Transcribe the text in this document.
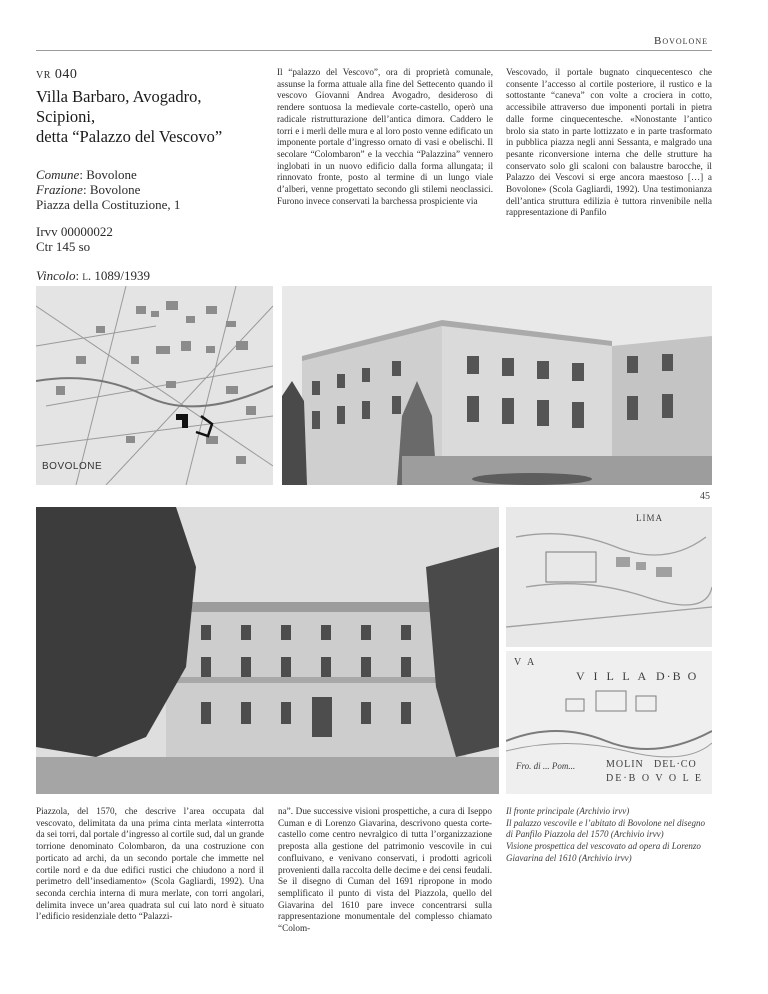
Bovolone
vr 040
Villa Barbaro, Avogadro,
Scipioni,
detta “Palazzo del Vescovo”
Comune: Bovolone
Frazione: Bovolone
Piazza della Costituzione, 1
Irvv 00000022
Ctr 145 so
Vincolo: l. 1089/1939
Il “palazzo del Vescovo”, ora di proprietà comunale, assunse la forma attuale alla fine del Settecento quando il vescovo Giovanni Andrea Avogadro, desideroso di rendere sontuosa la medievale corte-castello, operò una radicale ristrutturazione dell’antica dimora. Caddero le torri e i merli delle mura e al loro posto venne edificato un imponente portale d’ingresso ornato di vasi e obelischi. Il secolare “Colombaron” e la vecchia “Palazzina” vennero inglobati in un nuovo edificio dalla forma allungata; il rinnovato fronte, posto al termine di un lungo viale d’alberi, venne progettato secondo gli stilemi neoclassici. Furono invece conservati la barchessa prospiciente via
Vescovado, il portale bugnato cinquecentesco che consente l’accesso al cortile posteriore, il rustico e la sottostante “caneva” con volte a crociera in cotto, accessibile attraverso due imponenti portali in pietra dalle forme cinquecentesche. «Nonostante l’antico brolo sia stato in parte lottizzato e in parte trasformato in pubblica piazza negli anni Sessanta, e malgrado una pesante riconversione interna che delle strutture ha conservato solo gli scaloni con balaustre barocche, il Palazzo dei Vescovi si erge ancora maestoso […] a Bovolone» (Scola Gagliardi, 1992). Una testimonianza dell’antica struttura edilizia è tuttora rinvenibile nella rappresentazione di Panfilo
BOVOLONE
45
LIMA
V A
V I L L A D·B O
MOLIN DEL·CO
DE·B O V O L E
Fro. di ... Pom...
Piazzola, del 1570, che descrive l’area occupata dal vescovato, delimitata da una prima cinta merlata «interrotta da sei torri, dal portale d’ingresso al cortile sud, dal un grande torrione denominato Colombaron, da una costruzione con porticato ad archi, da un secondo portale che immette nel cortile nord e da due edifici rustici che chiudono a nord il perimetro dell’insediamento» (Scola Gagliardi, 1992). Una seconda cerchia interna di mura merlate, con torri angolari, delimita invece un’area quadrata sul cui lato nord è situato l’edificio residenziale detto “Palazzi-
na”. Due successive visioni prospettiche, a cura di Iseppo Cuman e di Lorenzo Giavarina, descrivono questa corte-castello come centro nevralgico di tutta l’organizzazione preposta alla gestione del patrimonio vescovile in cui confluivano, e venivano conservati, i prodotti agricoli provenienti dalla raccolta delle decime e dei censi feudali. Se il disegno di Cuman del 1691 ripropone in modo semplificato il punto di vista del Piazzola, quello del Giavarina del 1610 pare invece concentrarsi sulla rappresentazione monumentale del complesso chiamato “Colom-
Il fronte principale (Archivio irvv)
Il palazzo vescovile e l’abitato di Bovolone nel disegno di Panfilo Piazzola del 1570 (Archivio irvv)
Visione prospettica del vescovato ad opera di Lorenzo Giavarina del 1610 (Archivio irvv)
